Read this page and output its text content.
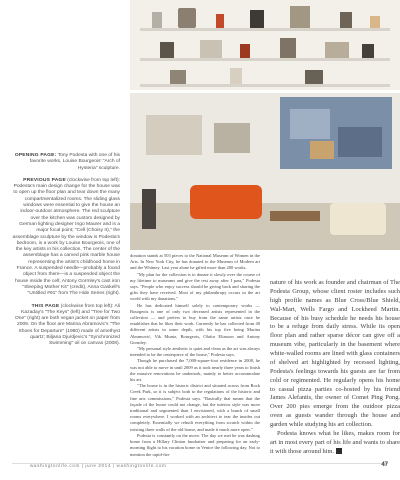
OPENING PAGE: Tony Podesta with one of his favorite works, Louise Bourgeois' "Arch of Hysteria" sculpture.
PREVIOUS PAGE (clockwise from top left): Podesta's main design change for the house was to open up the floor plan and tear down the many compartmentalized rooms. The sliding glass windows were essential to give the house an indoor-outdoor atmosphere. The red sculpture over the kitchen was custom designed by German lighting designer Ingo Maurer and is a major focal point; "Cell (Choisy II)," the assemblage sculpture by the window is Podesta's bedroom, is a work by Louise Bourgeois, one of the key artists in his collection. The center of the assemblage has a carved pink marble house representing the artist's childhood home in France. A suspended needle—probably a found object from there—is a suspended object the house inside the cell; Antony Gormley's cast iron "Sleeping Mother Kit" (credit), Anna Gaskell's "Untitled #91" from The Hide Series (right).
THIS PAGE (clockwise from top left): Ali Kazaday's "The Keys" (left) and "Tree for Two One" (right) are both vegan jacket on paper from 2009. On the floor are Marina Abramovic's "The Shoes for Departure" (1980) made of amethyst quartz; Biljana Djurdjevic's "Synchronized Swimming" oil on canvas (2008).

donation stands at 503 pieces to the National Museum of Women in the Arts. In New York City, he has donated to the Museum of Modern art and the Whitney. Last year alone he gifted more than 200 works.

"My plan for the collection is to donate it slowly over the course of my lifetime to museums and give the rest away after I pass," Podesta says. "People who enjoy success should be giving back and sharing the gifts they have received. Most of my philanthropy occurs in the art world with my donations."

He has dedicated himself solely to contemporary works — Bourgeois is one of only two deceased artists represented in the collection — and prefers to buy from the same artists once he establishes that he likes their work. Currently he has collected from 40 different artists in some depth, with his top five being Marina Abramović, Vik Muniz, Bourgeois, Olafur Eliasson and Antony Gormley.

"My personal style aesthetic is quiet and clean as the art was always intended to be the centerpiece of the house," Podesta says.

Though he purchased the 7,000-square-foot residence in 2008, he was not able to move in until 2009 as it took nearly three years to finish the massive renovations he undertook, mainly to better accommodate his art.

"The house is in the historic district and situated across from Rock Creek Park, so it is subject both to the regulations of the historic and fine arts commissions," Podesta says. "Basically that meant that the façade of the house could not change, but the interior style was more traditional and segmented than I envisioned, with a bunch of small rooms everywhere. I worked with an architect to tear the insides out completely. Essentially we rebuilt everything from scratch within the existing three walls of the old house, and made it much more open."

Podesta is constantly on the move. The day we met he was dashing home from a Hillary Clinton fundraiser and preparing for an early-morning flight to his vacation home in Venice the following day. Not to mention the rapid-fire

nature of his work as founder and chairman of The Podesta Group, whose client roster includes such high profile names as Blue Cross/Blue Shield, Wal-Mart, Wells Fargo and Lockheed Martin. Because of his busy schedule he needs his house to be a refuge from daily stress. While its open floor plan and rather sparse décor can give off a museum vibe, particularly in the basement where white-walled rooms are lined with glass containers of shelved art highlighted by recessed lighting, Podesta's feelings towards his guests are far from cold or regimented. He regularly opens his home to casual pizza parties co-hosted by his friend James Alefantis, the owner of Comet Ping Pong. Over 200 pies emerge from the outdoor pizza oven as guests wander through the house and garden while studying his art collection.

Podesta knows what he likes, makes room for art in most every part of his life and wants to share it with those around him.

washingtonlife.com | june 2014 | washingtonlife.com	47
